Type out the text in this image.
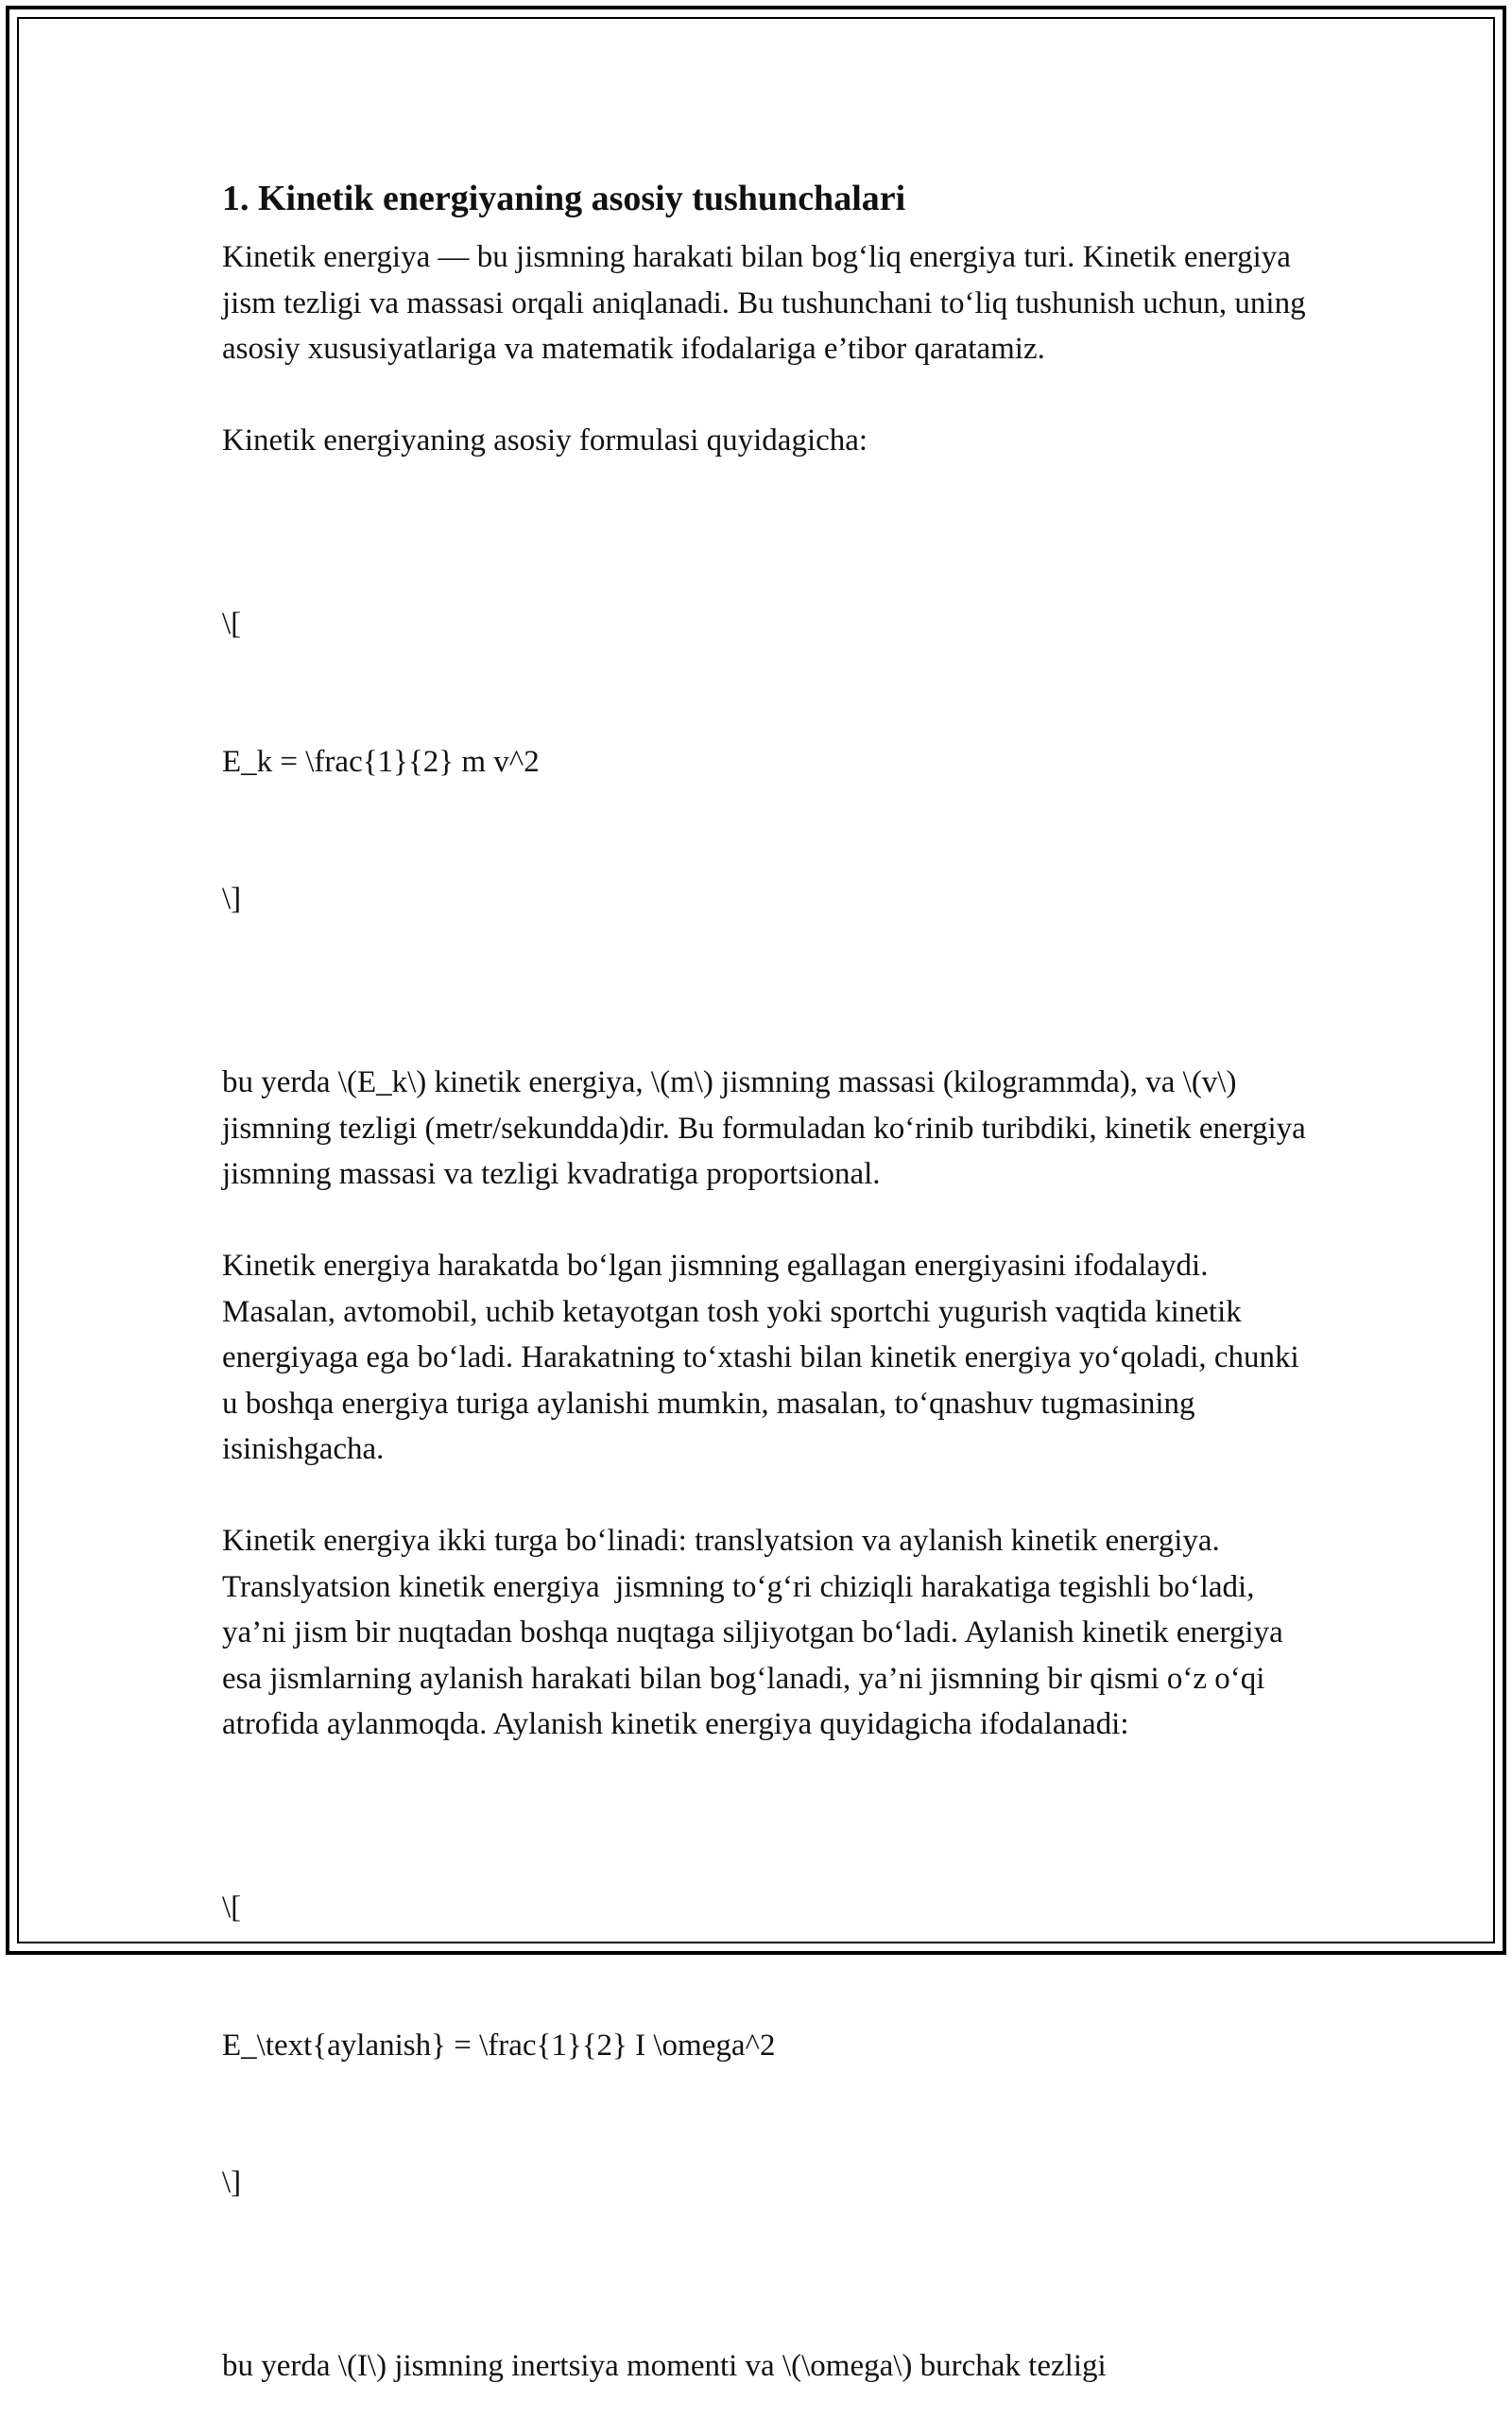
1. Kinetik energiyaning asosiy tushunchalari
Kinetik energiya — bu jismning harakati bilan bog‘liq energiya turi. Kinetik energiya jism tezligi va massasi orqali aniqlanadi. Bu tushunchani to‘liq tushunish uchun, uning asosiy xususiyatlariga va matematik ifodalariga e’tibor qaratamiz.
Kinetik energiyaning asosiy formulasi quyidagicha:

\[

E_k = \frac{1}{2} m v^2

\]

bu yerda \(E_k\) kinetik energiya, \(m\) jismning massasi (kilogrammda), va \(v\) jismning tezligi (metr/sekundda)dir. Bu formuladan ko‘rinib turibdiki, kinetik energiya jismning massasi va tezligi kvadratiga proportsional.
Kinetik energiya harakatda bo‘lgan jismning egallagan energiyasini ifodalaydi. Masalan, avtomobil, uchib ketayotgan tosh yoki sportchi yugurish vaqtida kinetik energiyaga ega bo‘ladi. Harakatning to‘xtashi bilan kinetik energiya yo‘qoladi, chunki u boshqa energiya turiga aylanishi mumkin, masalan, to‘qnashuv tugmasining isinishgacha.
Kinetik energiya ikki turga bo‘linadi: translyatsion va aylanish kinetik energiya. Translyatsion kinetik energiya  jismning to‘g‘ri chiziqli harakatiga tegishli bo‘ladi, ya’ni jism bir nuqtadan boshqa nuqtaga siljiyotgan bo‘ladi. Aylanish kinetik energiya esa jismlarning aylanish harakati bilan bog‘lanadi, ya’ni jismning bir qismi o‘z o‘qi atrofida aylanmoqda. Aylanish kinetik energiya quyidagicha ifodalanadi:

\[

E_\text{aylanish} = \frac{1}{2} I \omega^2

\]

bu yerda \(I\) jismning inertsiya momenti va \(\omega\) burchak tezligi
